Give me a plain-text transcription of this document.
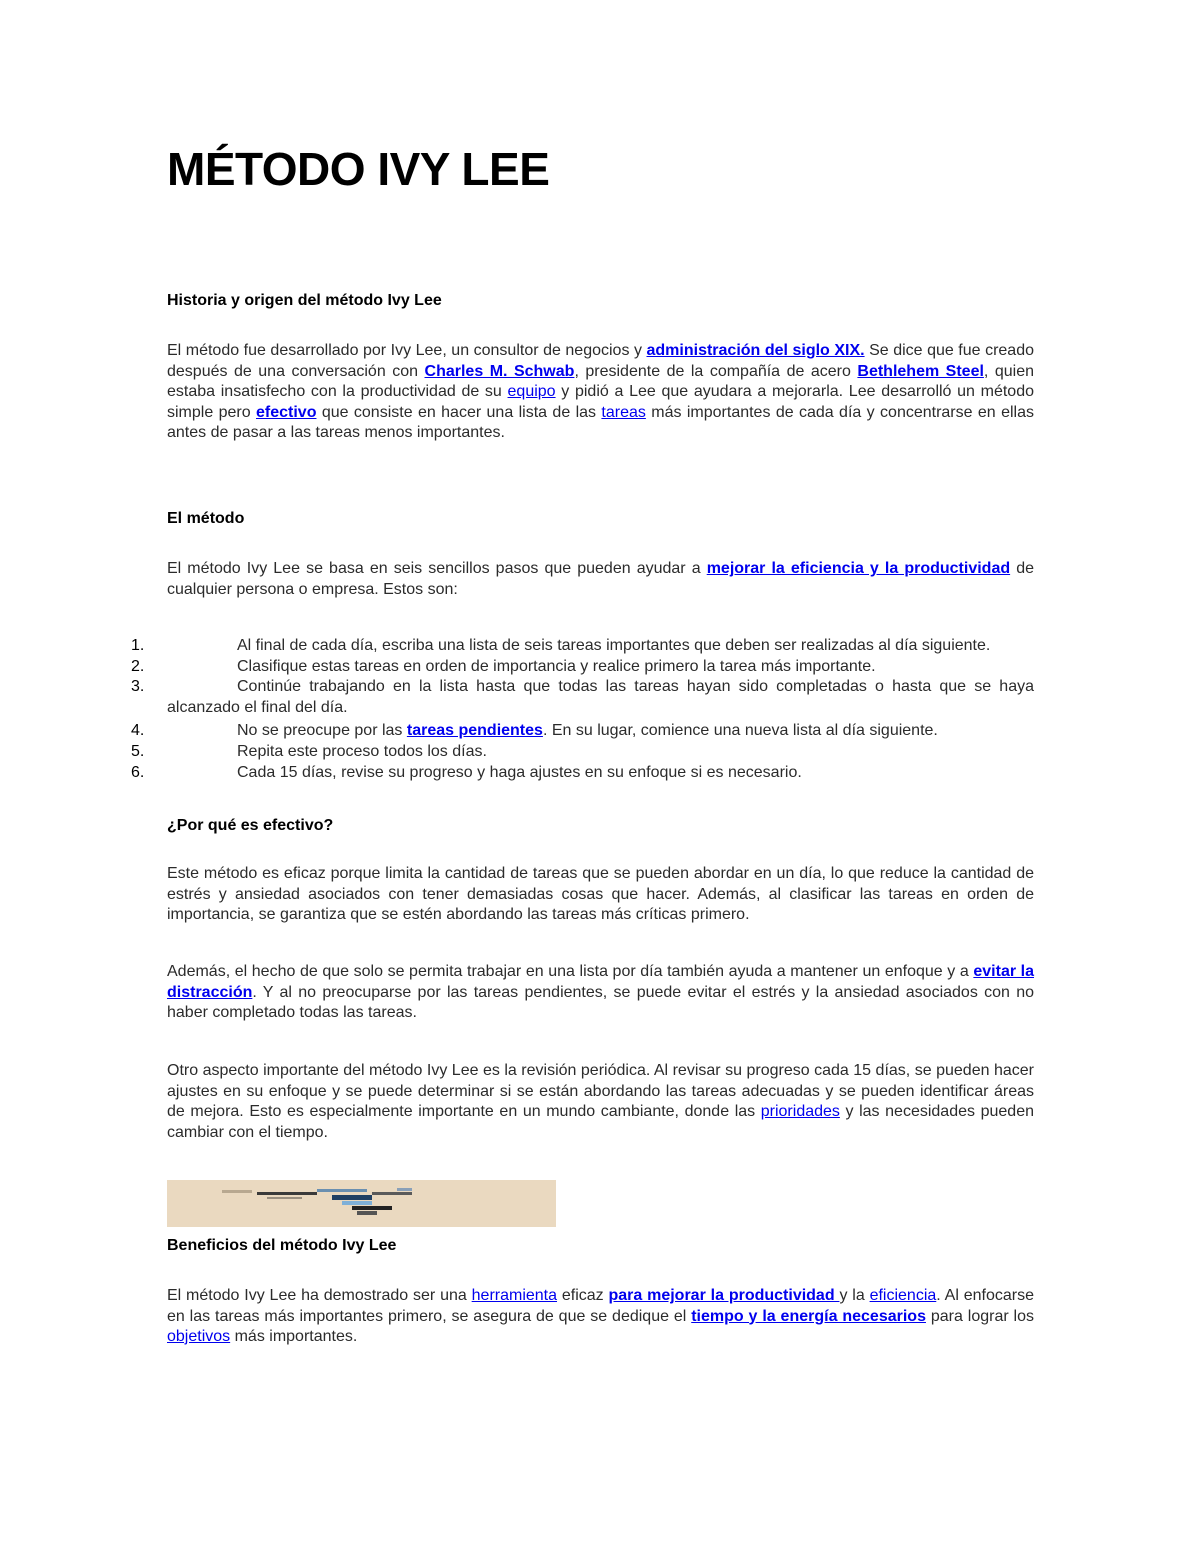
MÉTODO IVY LEE
Historia y origen del método Ivy Lee

El método fue desarrollado por Ivy Lee, un consultor de negocios y administración del siglo XIX. Se dice que fue creado después de una conversación con Charles M. Schwab, presidente de la compañía de acero Bethlehem Steel, quien estaba insatisfecho con la productividad de su equipo y pidió a Lee que ayudara a mejorarla. Lee desarrolló un método simple pero efectivo que consiste en hacer una lista de las tareas más importantes de cada día y concentrarse en ellas antes de pasar a las tareas menos importantes.

El método

El método Ivy Lee se basa en seis sencillos pasos que pueden ayudar a mejorar la eficiencia y la productividad de cualquier persona o empresa. Estos son:

1.	Al final de cada día, escriba una lista de seis tareas importantes que deben ser realizadas al día siguiente.
2.	Clasifique estas tareas en orden de importancia y realice primero la tarea más importante.
3.	Continúe trabajando en la lista hasta que todas las tareas hayan sido completadas o hasta que se haya alcanzado el final del día.
4.	No se preocupe por las tareas pendientes. En su lugar, comience una nueva lista al día siguiente.
5.	Repita este proceso todos los días.
6.	Cada 15 días, revise su progreso y haga ajustes en su enfoque si es necesario.
¿Por qué es efectivo?

Este método es eficaz porque limita la cantidad de tareas que se pueden abordar en un día, lo que reduce la cantidad de estrés y ansiedad asociados con tener demasiadas cosas que hacer. Además, al clasificar las tareas en orden de importancia, se garantiza que se estén abordando las tareas más críticas primero.

Además, el hecho de que solo se permita trabajar en una lista por día también ayuda a mantener un enfoque y a evitar la distracción. Y al no preocuparse por las tareas pendientes, se puede evitar el estrés y la ansiedad asociados con no haber completado todas las tareas.

Otro aspecto importante del método Ivy Lee es la revisión periódica. Al revisar su progreso cada 15 días, se pueden hacer ajustes en su enfoque y se puede determinar si se están abordando las tareas adecuadas y se pueden identificar áreas de mejora. Esto es especialmente importante en un mundo cambiante, donde las prioridades y las necesidades pueden cambiar con el tiempo.

Beneficios del método Ivy Lee

El método Ivy Lee ha demostrado ser una herramienta eficaz para mejorar la productividad y la eficiencia. Al enfocarse en las tareas más importantes primero, se asegura de que se dedique el tiempo y la energía necesarios para lograr los objetivos más importantes.
